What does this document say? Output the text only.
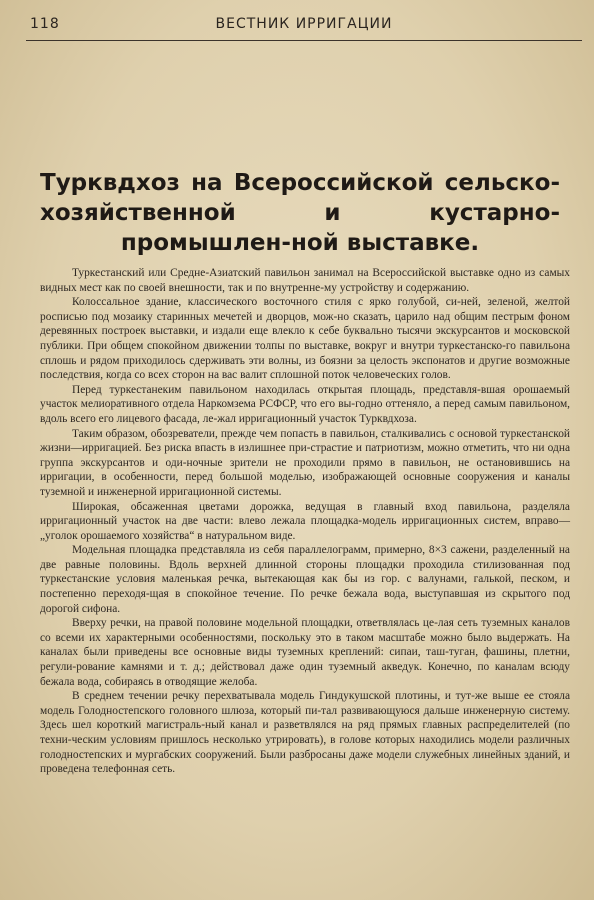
118	ВЕСТНИК ИРРИГАЦИИ
Турквдхоз на Всероссийской сельско-хозяйственной и кустарно-промышлен-ной выставке.

Туркестанский или Средне-Азиатский павильон занимал на Всероссийской выставке одно из самых видных мест как по своей внешности, так и по внутренне-му устройству и содержанию.

Колоссальное здание, классического восточного стиля с ярко голубой, си-ней, зеленой, желтой росписью под мозаику старинных мечетей и дворцов, мож-но сказать, царило над общим пестрым фоном деревянных построек выставки, и издали еще влекло к себе буквально тысячи экскурсантов и московской публики. При общем спокойном движении толпы по выставке, вокруг и внутри туркестанско-го павильона сплошь и рядом приходилось сдерживать эти волны, из боязни за целость экспонатов и другие возможные последствия, когда со всех сторон на вас валит сплошной поток человеческих голов.

Перед туркестанеким павильоном находилась открытая площадь, представля-вшая орошаемый участок мелиоративного отдела Наркомзема РСФСР, что его вы-годно оттеняло, а перед самым павильоном, вдоль всего его лицевого фасада, ле-жал ирригационный участок Турквдхоза.

Таким образом, обозреватели, прежде чем попасть в павильон, сталкивались с основой туркестанской жизни—ирригацией. Без риска впасть в излишнее при-страстие и патриотизм, можно отметить, что ни одна группа экскурсантов и оди-ночные зрители не проходили прямо в павильон, не остановившись на ирригации, в особенности, перед большой моделью, изображающей основные сооружения и каналы туземной и инженерной ирригационной системы.

Широкая, обсаженная цветами дорожка, ведущая в главный вход павильона, разделяла ирригационный участок на две части: влево лежала площадка-модель ирригационных систем, вправо—„уголок орошаемого хозяйства“ в натуральном виде.

Модельная площадка представляла из себя параллелограмм, примерно, 8×3 сажени, разделенный на две равные половины. Вдоль верхней длинной стороны площадки проходила стилизованная под туркестанские условия маленькая речка, вытекающая как бы из гор. с валунами, галькой, песком, и постепенно переходя-щая в спокойное течение. По речке бежала вода, выступавшая из скрытого под дорогой сифона.

Вверху речки, на правой половине модельной площадки, ответвлялась це-лая сеть туземных каналов со всеми их характерными особенностями, поскольку это в таком масштабе можно было выдержать. На каналах были приведены все основные виды туземных креплений: сипаи, таш-туган, фашины, плетни, регули-рование камнями и т. д.; действовал даже один туземный акведук. Конечно, по каналам всюду бежала вода, собираясь в отводящие желоба.

В среднем течении речку перехватывала модель Гиндукушской плотины, и тут-же выше ее стояла модель Голодностепского головного шлюза, который пи-тал развивающуюся дальше инженерную систему. Здесь шел короткий магистраль-ный канал и разветвлялся на ряд прямых главных распределителей (по техни-ческим условиям пришлось несколько утрировать), в голове которых находились модели различных голодностепских и мургабских сооружений. Были разбросаны даже модели служебных линейных зданий, и проведена телефонная сеть.
